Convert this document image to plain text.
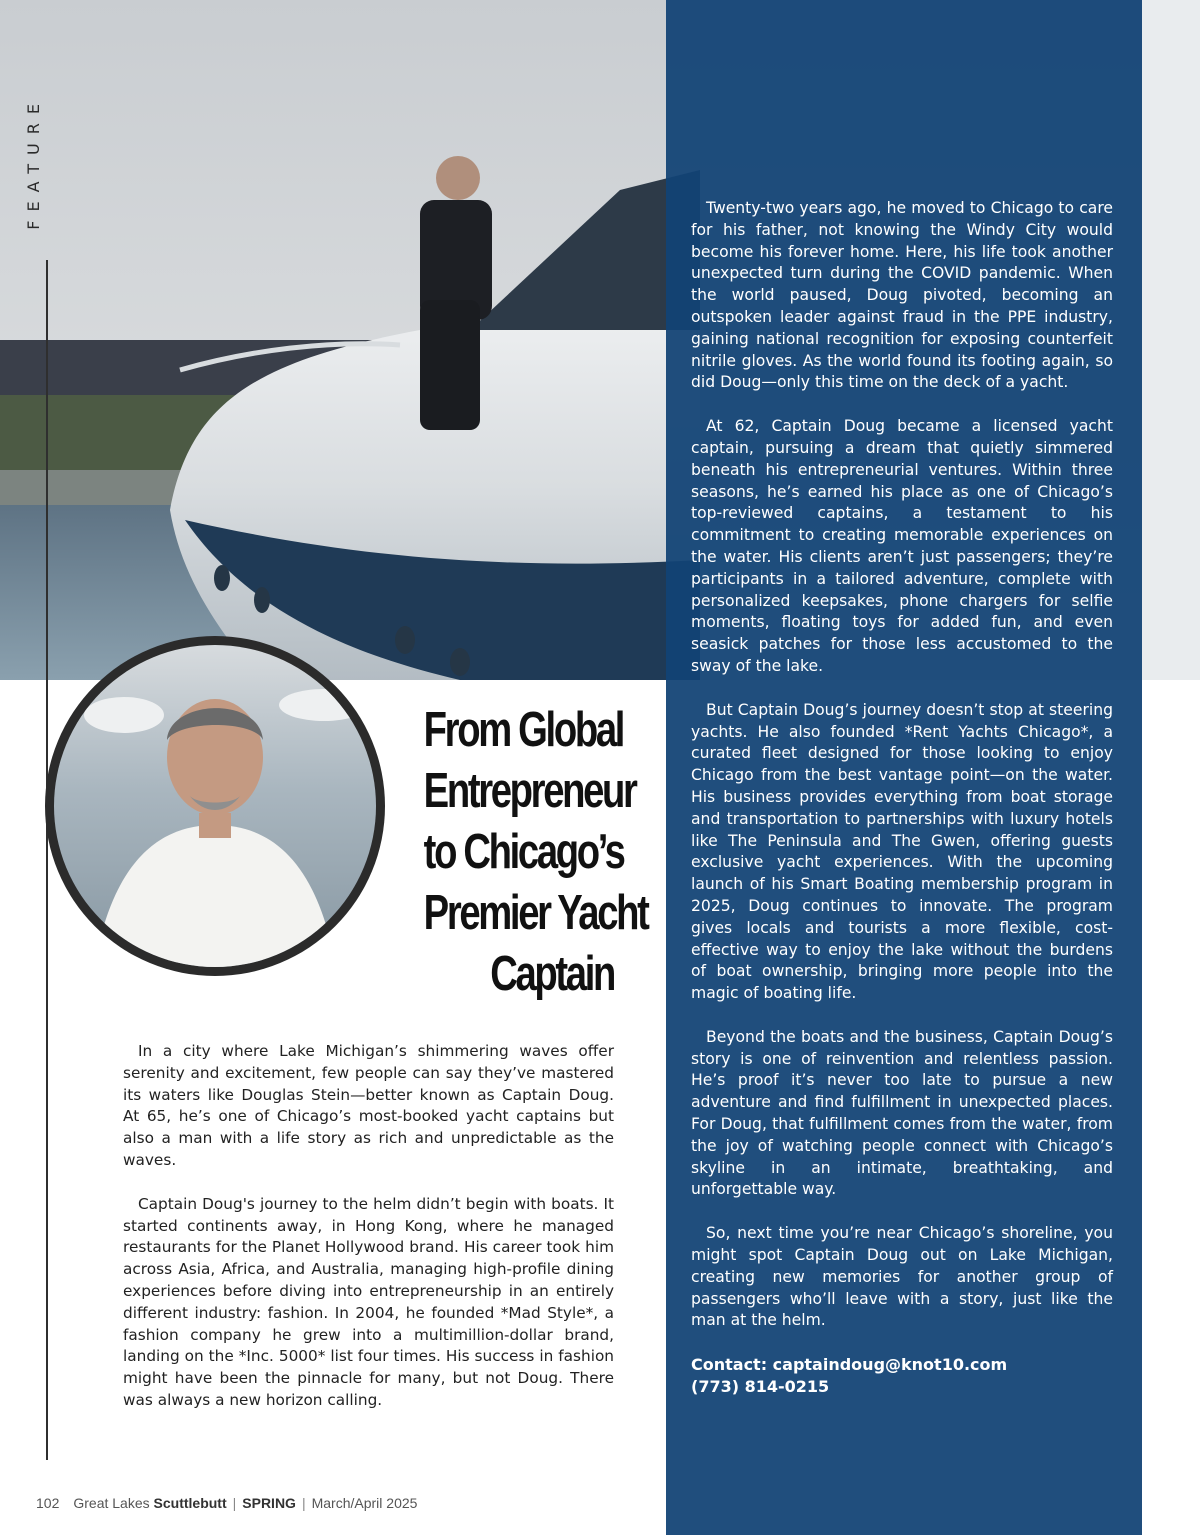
FEATURE	Twenty-two years ago, he moved to Chicago to care for his father, not knowing the Windy City would become his forever home. Here, his life took another unexpected turn during the COVID pandemic. When the world paused, Doug pivoted, becoming an outspoken leader against fraud in the PPE industry, gaining national recognition for exposing counterfeit nitrile gloves. As the world found its footing again, so did Doug—only this time on the deck of a yacht.

At 62, Captain Doug became a licensed yacht captain, pursuing a dream that quietly simmered beneath his entrepreneurial ventures. Within three seasons, he’s earned his place as one of Chicago’s top-reviewed captains, a testament to his commitment to creating memorable experiences on the water. His clients aren’t just passengers; they’re participants in a tailored adventure, complete with personalized keepsakes, phone chargers for selfie moments, floating toys for added fun, and even seasick patches for those less accustomed to the sway of the lake.

But Captain Doug’s journey doesn’t stop at steering yachts. He also founded *Rent Yachts Chicago*, a curated fleet designed for those looking to enjoy Chicago from the best vantage point—on the water. His business provides everything from boat storage and transportation to partnerships with luxury hotels like The Peninsula and The Gwen, offering guests exclusive yacht experiences. With the upcoming launch of his Smart Boating membership program in 2025, Doug continues to innovate. The program gives locals and tourists a more flexible, cost-effective way to enjoy the lake without the burdens of boat ownership, bringing more people into the magic of boating life.

Beyond the boats and the business, Captain Doug’s story is one of reinvention and relentless passion. He’s proof it’s never too late to pursue a new adventure and find fulfillment in unexpected places. For Doug, that fulfillment comes from the water, from the joy of watching people connect with Chicago’s skyline in an intimate, breathtaking, and unforgettable way.

So, next time you’re near Chicago’s shoreline, you might spot Captain Doug out on Lake Michigan, creating new memories for another group of passengers who’ll leave with a story, just like the man at the helm.

Contact: captaindoug@knot10.com
(773) 814-0215
From Global
Entrepreneur
to Chicago’s
Premier Yacht
Captain

In a city where Lake Michigan’s shimmering waves offer serenity and excitement, few people can say they’ve mastered its waters like Douglas Stein—better known as Captain Doug. At 65, he’s one of Chicago’s most-booked yacht captains but also a man with a life story as rich and unpredictable as the waves.

Captain Doug's journey to the helm didn’t begin with boats. It started continents away, in Hong Kong, where he managed restaurants for the Planet Hollywood brand. His career took him across Asia, Africa, and Australia, managing high-profile dining experiences before diving into entrepreneurship in an entirely different industry: fashion. In 2004, he founded *Mad Style*, a fashion company he grew into a multimillion-dollar brand, landing on the *Inc. 5000* list four times. His success in fashion might have been the pinnacle for many, but not Doug. There was always a new horizon calling.

102 Great Lakes Scuttlebutt | SPRING | March/April 2025
